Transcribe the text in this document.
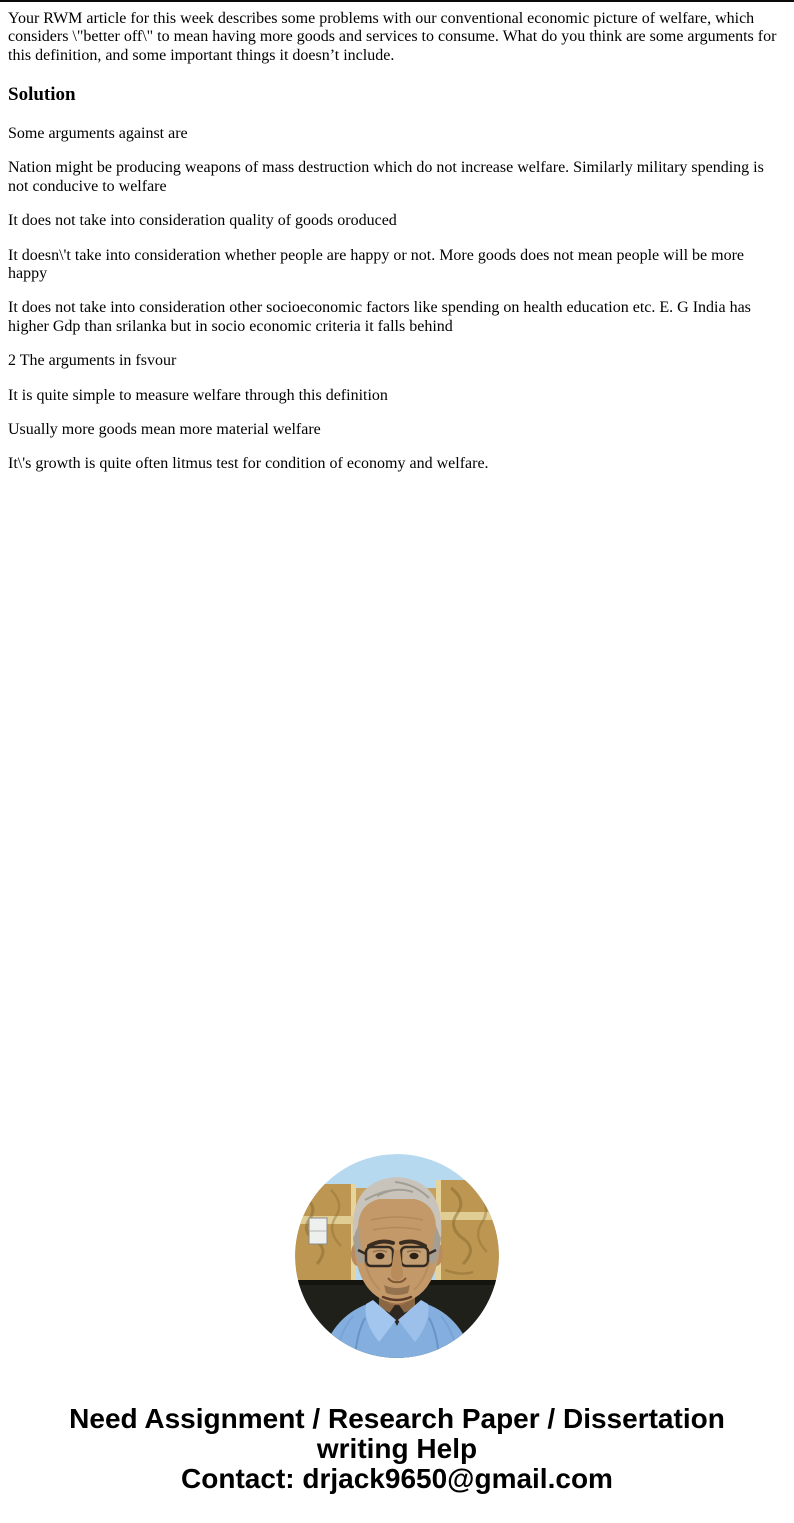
Your RWM article for this week describes some problems with our conventional economic picture of welfare, which considers \"better off\" to mean having more goods and services to consume. What do you think are some arguments for this definition, and some important things it doesn’t include.

Solution

Some arguments against are

Nation might be producing weapons of mass destruction which do not increase welfare. Similarly military spending is not conducive to welfare

It does not take into consideration quality of goods oroduced

It doesn\'t take into consideration whether people are happy or not. More goods does not mean people will be more happy

It does not take into consideration other socioeconomic factors like spending on health education etc. E. G India has higher Gdp than srilanka but in socio economic criteria it falls behind

2 The arguments in fsvour

It is quite simple to measure welfare through this definition

Usually more goods mean more material welfare

It\'s growth is quite often litmus test for condition of economy and welfare.

Need Assignment / Research Paper / Dissertation
writing Help
Contact: drjack9650@gmail.com
